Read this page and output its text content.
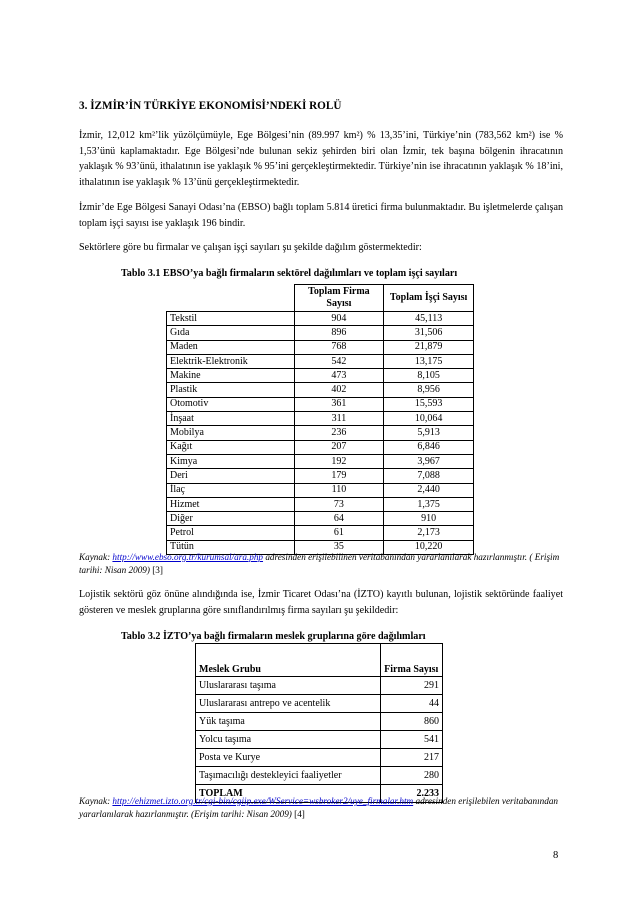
3. İZMİR’İN TÜRKİYE EKONOMİSİ’NDEKİ ROLÜ

İzmir, 12,012 km²’lik yüzölçümüyle, Ege Bölgesi’nin (89.997 km²) % 13,35’ini, Türkiye’nin (783,562 km²) ise % 1,53’ünü kaplamaktadır. Ege Bölgesi’nde bulunan sekiz şehirden biri olan İzmir, tek başına bölgenin ihracatının yaklaşık % 93’ünü, ithalatının ise yaklaşık % 95’ini gerçekleştirmektedir. Türkiye’nin ise ihracatının yaklaşık % 18’ini, ithalatının ise yaklaşık % 13’ünü gerçekleştirmektedir.

İzmir’de Ege Bölgesi Sanayi Odası’na (EBSO) bağlı toplam 5.814 üretici firma bulunmaktadır. Bu işletmelerde çalışan toplam işçi sayısı ise yaklaşık 196 bindir.

Sektörlere göre bu firmalar ve çalışan işçi sayıları şu şekilde dağılım göstermektedir:

Tablo 3.1 EBSO’ya bağlı firmaların sektörel dağılımları ve toplam işçi sayıları
	Toplam Firma Sayısı	Toplam İşçi Sayısı
Tekstil	904	45,113
Gıda	896	31,506
Maden	768	21,879
Elektrik-Elektronik	542	13,175
Makine	473	8,105
Plastik	402	8,956
Otomotiv	361	15,593
İnşaat	311	10,064
Mobilya	236	5,913
Kağıt	207	6,846
Kimya	192	3,967
Deri	179	7,088
İlaç	110	2,440
Hizmet	73	1,375
Diğer	64	910
Petrol	61	2,173
Tütün	35	10,220
Kaynak: http://www.ebso.org.tr/kurumsal/ara.php adresinden erişilebilinen veritabanından yararlanılarak hazırlanmıştır. ( Erişim tarihi: Nisan 2009) [3]

Lojistik sektörü göz önüne alındığında ise, İzmir Ticaret Odası’na (İZTO) kayıtlı bulunan, lojistik sektöründe faaliyet gösteren ve meslek gruplarına göre sınıflandırılmış firma sayıları şu şekildedir:

Tablo 3.2 İZTO’ya bağlı firmaların meslek gruplarına göre dağılımları
Meslek Grubu	Firma Sayısı
Uluslararası taşıma	291
Uluslararası antrepo ve acentelik	44
Yük taşıma	860
Yolcu taşıma	541
Posta ve Kurye	217
Taşımacılığı destekleyici faaliyetler	280
TOPLAM	2.233
Kaynak: http://ehizmet.izto.org.tr/cgi-bin/cgiip.exe/WService=wsbroker2/uye_firmalar.htm adresinden erişilebilen veritabanından yararlanılarak hazırlanmıştır. (Erişim tarihi: Nisan 2009) [4]
8
